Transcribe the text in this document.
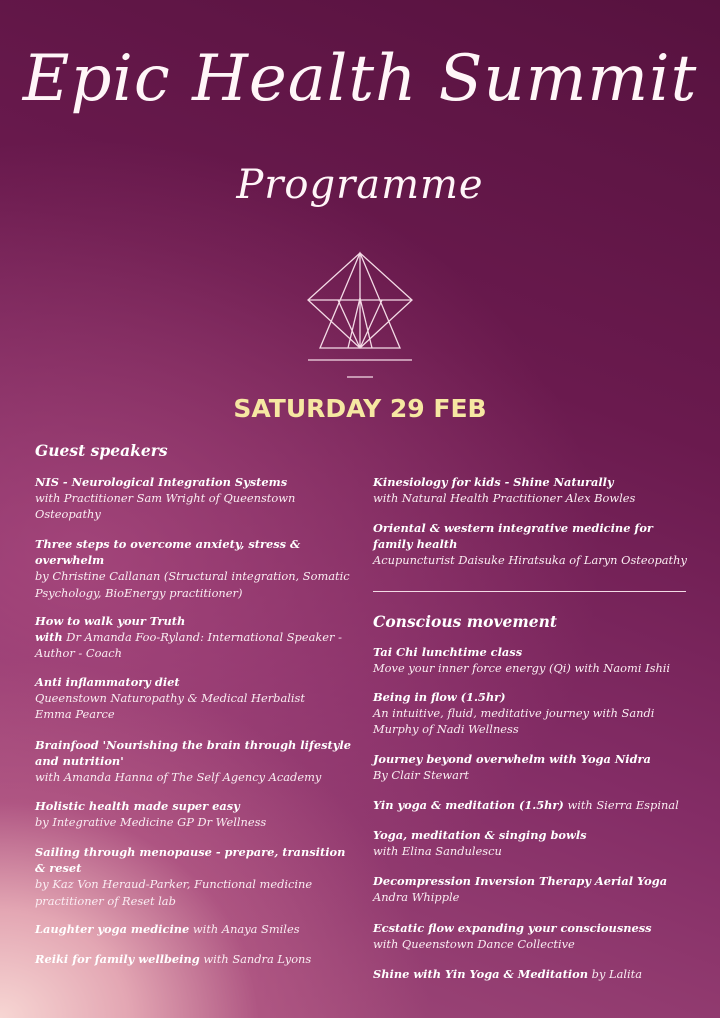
Epic Health Summit
Programme
SATURDAY 29 FEB
Guest speakers
NIS - Neurological Integration Systems
with Practitioner Sam Wright of Queenstown
Osteopathy
Three steps to overcome anxiety, stress &
overwhelm
by Christine Callanan (Structural integration, Somatic
Psychology, BioEnergy practitioner)
How to walk your Truth
with Dr Amanda Foo-Ryland: International Speaker -
Author - Coach
Anti inflammatory diet
Queenstown Naturopathy & Medical Herbalist
Emma Pearce
Brainfood 'Nourishing the brain through lifestyle
and nutrition'
with Amanda Hanna of The Self Agency Academy
Holistic health made super easy
by Integrative Medicine GP Dr Wellness
Sailing through menopause - prepare, transition
& reset
by Kaz Von Heraud-Parker, Functional medicine
practitioner of Reset lab
Laughter yoga medicine with Anaya Smiles
Reiki for family wellbeing with Sandra Lyons
Kinesiology for kids - Shine Naturally
with Natural Health Practitioner Alex Bowles
Oriental & western integrative medicine for
family health
Acupuncturist Daisuke Hiratsuka of Laryn Osteopathy
Conscious movement
Tai Chi lunchtime class
Move your inner force energy (Qi) with Naomi Ishii
Being in flow (1.5hr)
An intuitive, fluid, meditative journey with Sandi
Murphy of Nadi Wellness
Journey beyond overwhelm with Yoga Nidra
By Clair Stewart
Yin yoga & meditation (1.5hr) with Sierra Espinal
Yoga, meditation & singing bowls
with Elina Sandulescu
Decompression Inversion Therapy Aerial Yoga
Andra Whipple
Ecstatic flow expanding your consciousness
with Queenstown Dance Collective
Shine with Yin Yoga & Meditation by Lalita
